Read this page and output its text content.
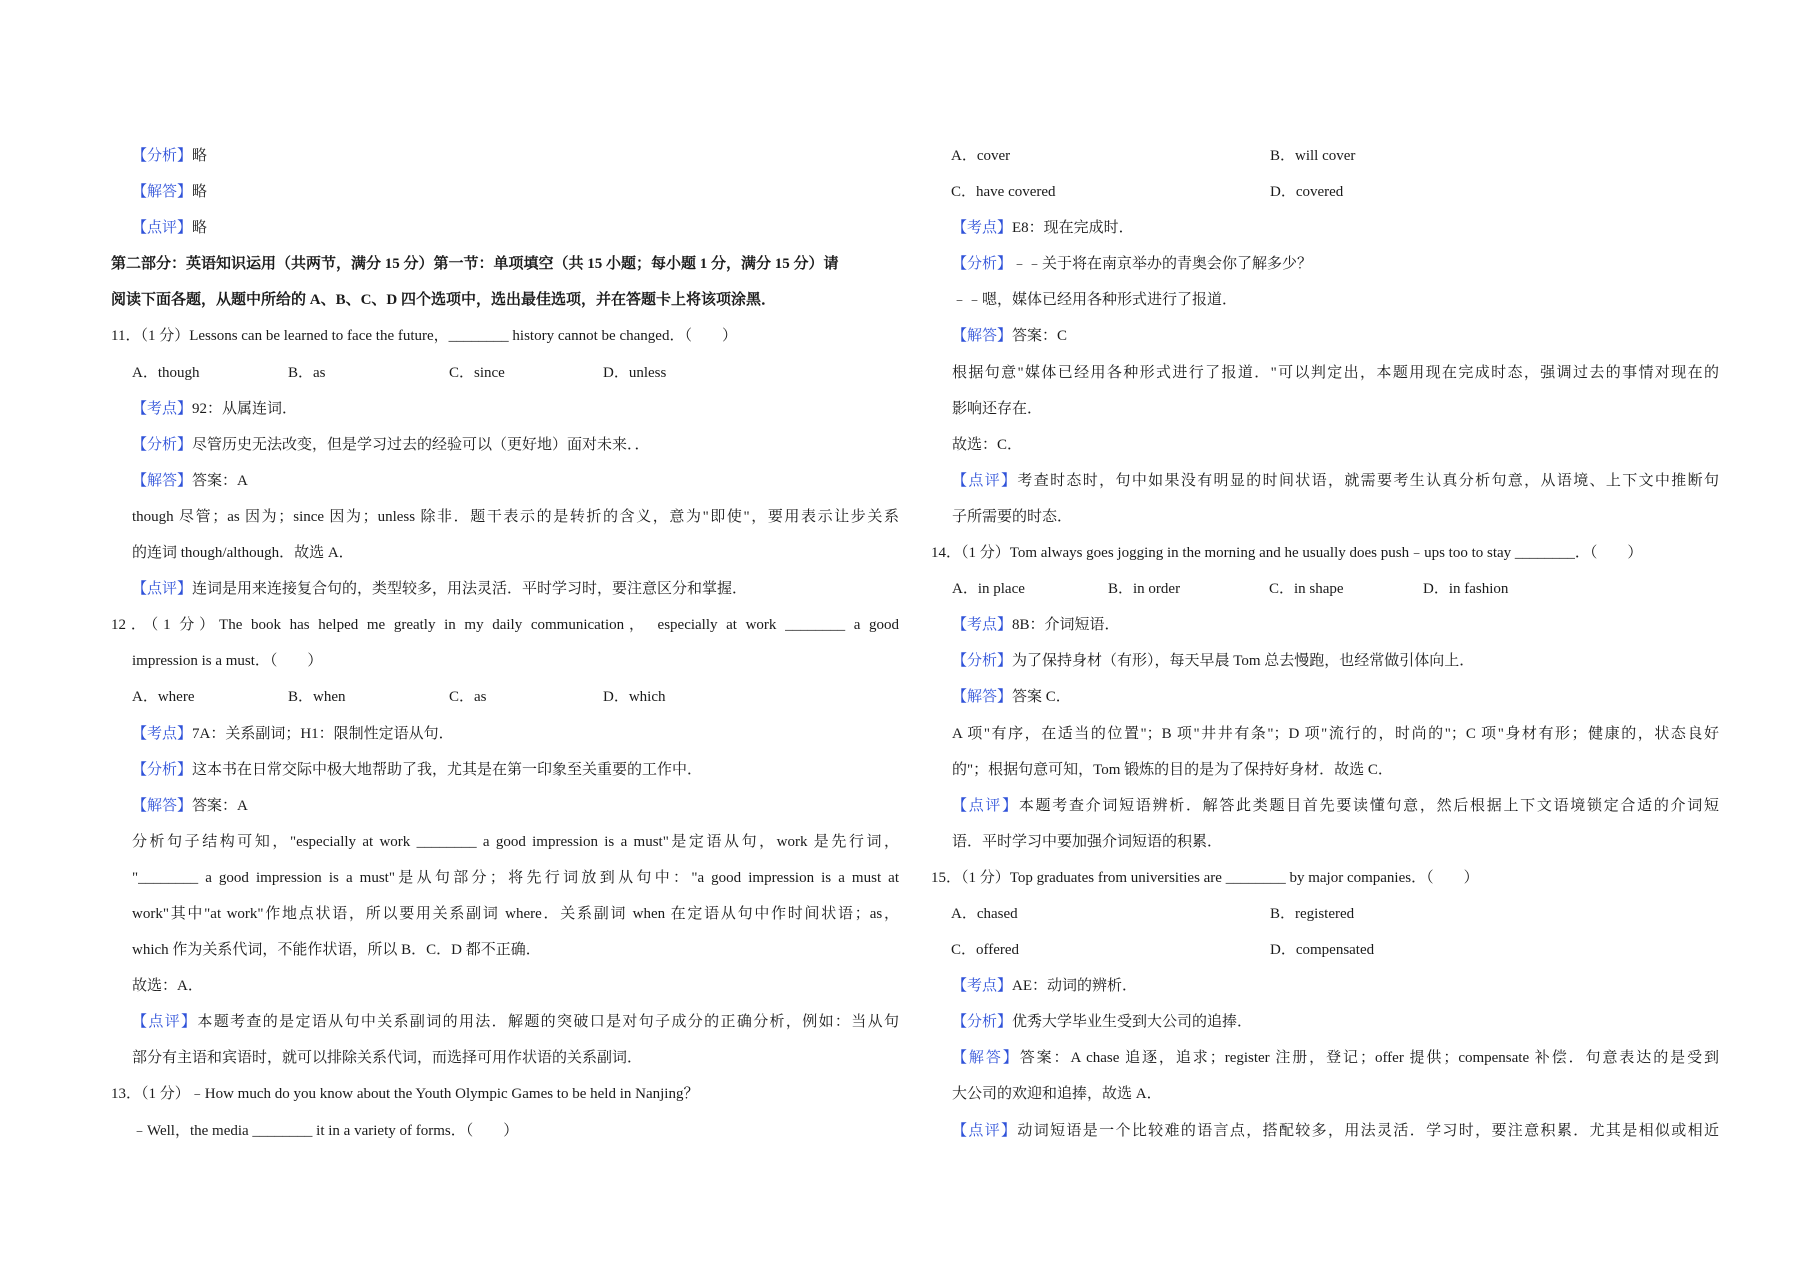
【分析】略
【解答】略
【点评】略
第二部分：英语知识运用（共两节，满分 15 分）第一节：单项填空（共 15 小题；每小题 1 分，满分 15 分）请
阅读下面各题，从题中所给的 A、B、C、D 四个选项中，选出最佳选项，并在答题卡上将该项涂黑．
11．（1 分）Lessons can be learned to face the future，________ history cannot be changed．（　　）
A．though	B．as	C．since	D．unless
【考点】92：从属连词．
【分析】尽管历史无法改变，但是学习过去的经验可以（更好地）面对未来．．
【解答】答案：A
though 尽管；as 因为；since 因为；unless 除非．题干表示的是转折的含义，意为"即使"，要用表示让步关系
的连词 though/although．故选 A．
【点评】连词是用来连接复合句的，类型较多，用法灵活．平时学习时，要注意区分和掌握．
12．（1 分）The book has helped me greatly in my daily communication， especially at work ________ a good
impression is a must．（　　）
A．where	B．when	C．as	D．which
【考点】7A：关系副词；H1：限制性定语从句．
【分析】这本书在日常交际中极大地帮助了我，尤其是在第一印象至关重要的工作中．
【解答】答案：A
分析句子结构可知，"especially at work ________ a good impression is a must"是定语从句，work 是先行词，
"________ a good impression is a must"是从句部分；将先行词放到从句中："a good impression is a must at
work"其中"at work"作地点状语，所以要用关系副词 where．关系副词 when 在定语从句中作时间状语；as，
which 作为关系代词，不能作状语，所以 B．C．D 都不正确．
故选：A．
【点评】本题考查的是定语从句中关系副词的用法．解题的突破口是对句子成分的正确分析，例如：当从句
部分有主语和宾语时，就可以排除关系代词，而选择可用作状语的关系副词．
13．（1 分）﹣How much do you know about the Youth Olympic Games to be held in Nanjing？
﹣Well，the media ________ it in a variety of forms．（　　）
A．cover	B．will cover
C．have covered	D．covered
【考点】E8：现在完成时．
【分析】﹣﹣关于将在南京举办的青奥会你了解多少？
﹣﹣嗯，媒体已经用各种形式进行了报道．
【解答】答案：C
根据句意"媒体已经用各种形式进行了报道．"可以判定出，本题用现在完成时态，强调过去的事情对现在的
影响还存在．
故选：C．
【点评】考查时态时，句中如果没有明显的时间状语，就需要考生认真分析句意，从语境、上下文中推断句
子所需要的时态．
14．（1 分）Tom always goes jogging in the morning and he usually does push﹣ups too to stay ________．（　　）
A．in place	B．in order	C．in shape	D．in fashion
【考点】8B：介词短语．
【分析】为了保持身材（有形），每天早晨 Tom 总去慢跑，也经常做引体向上．
【解答】答案 C．
A 项"有序，在适当的位置"；B 项"井井有条"；D 项"流行的，时尚的"；C 项"身材有形；健康的，状态良好
的"；根据句意可知，Tom 锻炼的目的是为了保持好身材．故选 C．
【点评】本题考查介词短语辨析．解答此类题目首先要读懂句意，然后根据上下文语境锁定合适的介词短
语．平时学习中要加强介词短语的积累．
15．（1 分）Top graduates from universities are ________ by major companies．（　　）
A．chased	B．registered
C．offered	D．compensated
【考点】AE：动词的辨析．
【分析】优秀大学毕业生受到大公司的追捧．
【解答】答案：A chase 追逐，追求；register 注册，登记；offer 提供；compensate 补偿．句意表达的是受到
大公司的欢迎和追捧，故选 A．
【点评】动词短语是一个比较难的语言点，搭配较多，用法灵活．学习时，要注意积累．尤其是相似或相近
